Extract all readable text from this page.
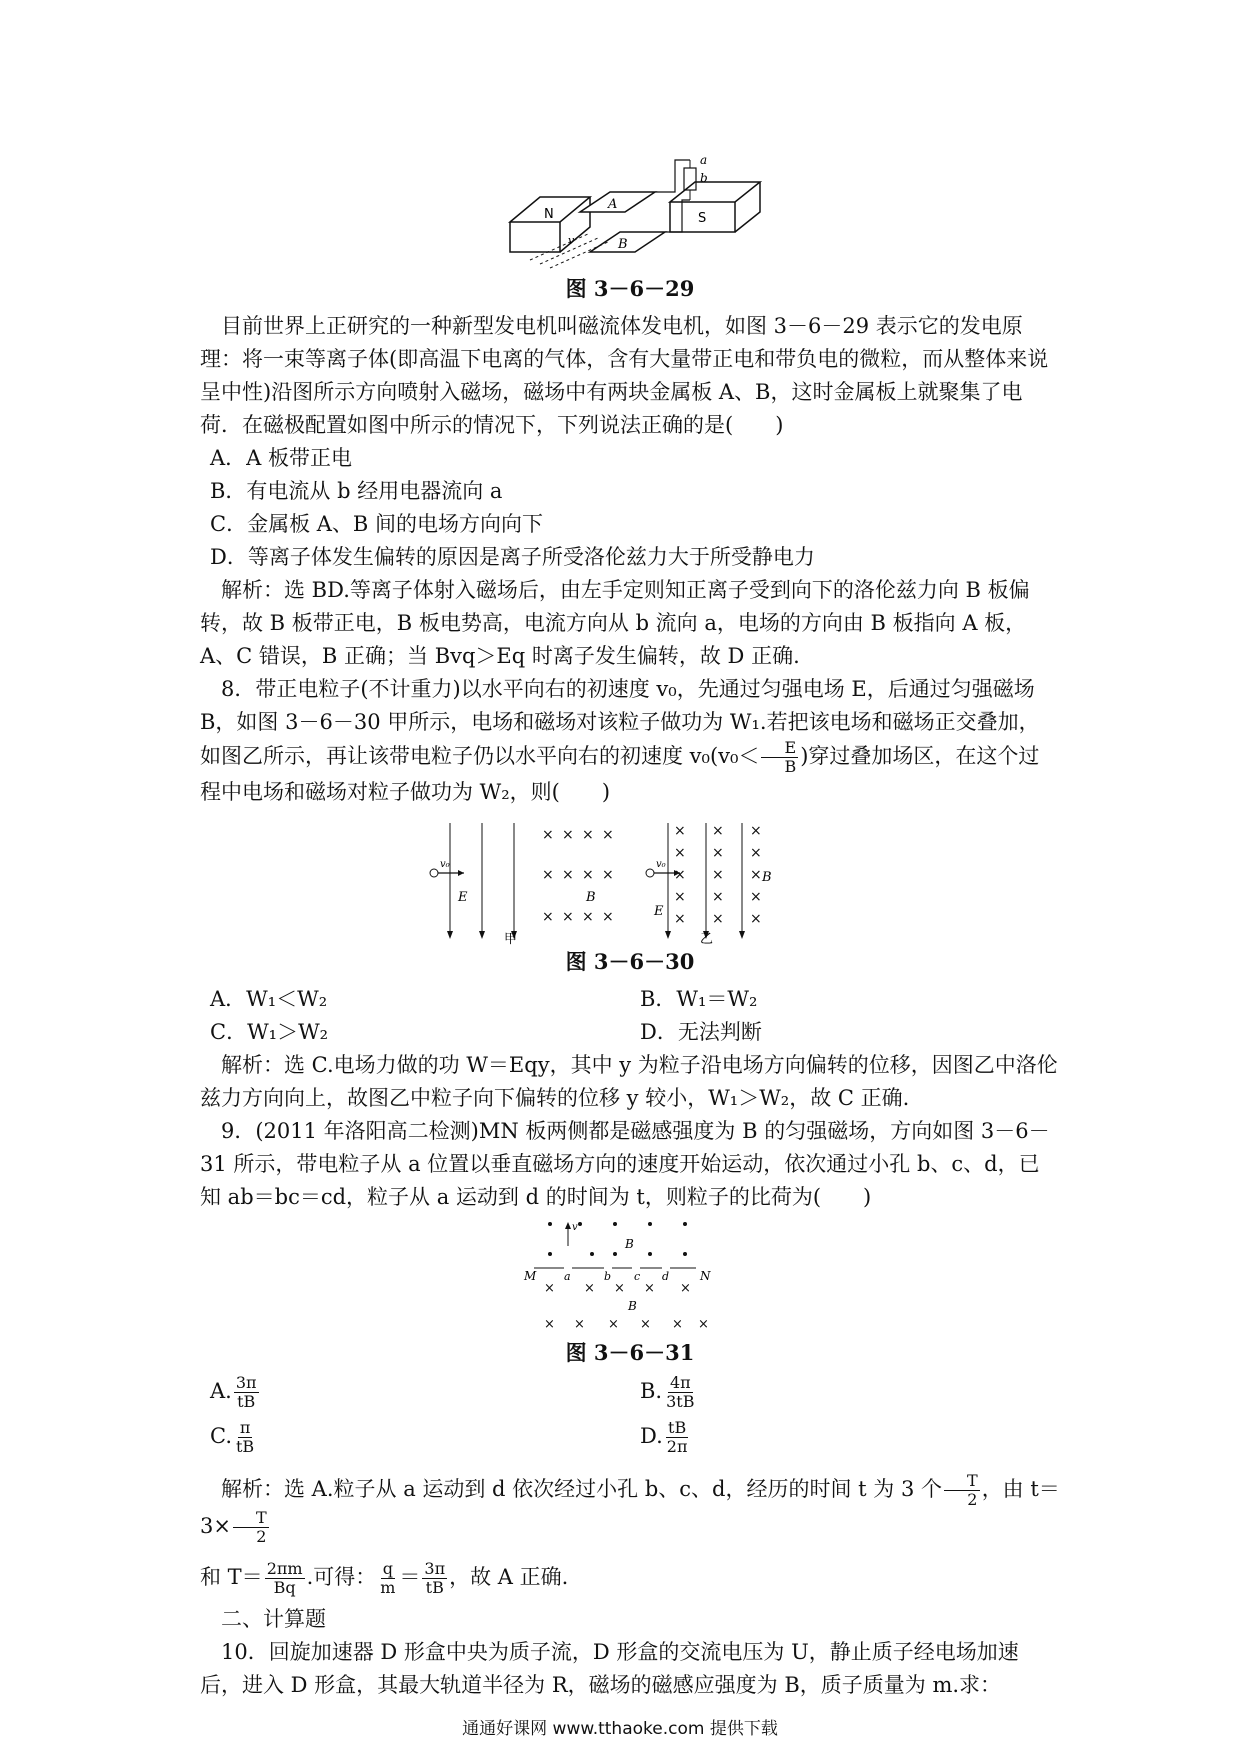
N
A
B
v
a
b
S

图 3－6－29

目前世界上正研究的一种新型发电机叫磁流体发电机，如图 3－6－29 表示它的发电原理：将一束等离子体(即高温下电离的气体，含有大量带正电和带负电的微粒，而从整体来说呈中性)沿图所示方向喷射入磁场，磁场中有两块金属板 A、B，这时金属板上就聚集了电荷．在磁极配置如图中所示的情况下，下列说法正确的是(　　)

A．A 板带正电

B．有电流从 b 经用电器流向 a

C．金属板 A、B 间的电场方向向下

D．等离子体发生偏转的原因是离子所受洛伦兹力大于所受静电力

解析：选 BD.等离子体射入磁场后，由左手定则知正离子受到向下的洛伦兹力向 B 板偏转，故 B 板带正电，B 板电势高，电流方向从 b 流向 a，电场的方向由 B 板指向 A 板，A、C 错误，B 正确；当 Bvq＞Eq 时离子发生偏转，故 D 正确.

8．带正电粒子(不计重力)以水平向右的初速度 v₀，先通过匀强电场 E，后通过匀强磁场 B，如图 3－6－30 甲所示，电场和磁场对该粒子做功为 W₁.若把该电场和磁场正交叠加，如图乙所示，再让该带电粒子仍以水平向右的初速度 $v_0(v_0< \frac{E}{B}$ )穿过叠加场区，在这个过程中电场和磁场对粒子做功为 W₂，则(　　)

v₀
E
× × × ×
× × × ×
× × × ×
B
甲
v₀
E
×
×
×
×
×
×
×
×
×
×
×
×
×
×
×
B
乙

图 3－6－30

A．W₁＜W₂	B．W₁＝W₂

C．W₁＞W₂	D．无法判断

解析：选 C.电场力做的功 W＝Eqy，其中 y 为粒子沿电场方向偏转的位移，因图乙中洛伦兹力方向向上，故图乙中粒子向下偏转的位移 y 较小，W₁＞W₂，故 C 正确.

9．(2011 年洛阳高二检测)MN 板两侧都是磁感强度为 B 的匀强磁场，方向如图 3－6－31 所示，带电粒子从 a 位置以垂直磁场方向的速度开始运动，依次通过小孔 b、c、d，已知 ab＝bc＝cd，粒子从 a 运动到 d 的时间为 t，则粒子的比荷为(　　)

v
B
M	a	b c d	N
× × × × ×
× × × × × ×
B

图 3－6－31

A. $\frac{3\pi}{tB}$	B. $\frac{4\pi}{3tB}$

C. $\frac{\pi}{tB}$	D. $\frac{tB}{2\pi}$

解析：选 A.粒子从 a 运动到 d 依次经过小孔 b、c、d，经历的时间 t 为 3 个 $\frac{T}{2}$ ，由 $t=3\times \frac{T}{2}$

和 $T= \frac{2\pi m}{Bq}$ .可得： $\frac{q}{m} = \frac{3\pi}{tB}$ ，故 A 正确.

二、计算题

10．回旋加速器 D 形盒中央为质子流，D 形盒的交流电压为 U，静止质子经电场加速后，进入 D 形盒，其最大轨道半径为 R，磁场的磁感应强度为 B，质子质量为 m.求：

通通好课网 www.tthaoke.com 提供下载
